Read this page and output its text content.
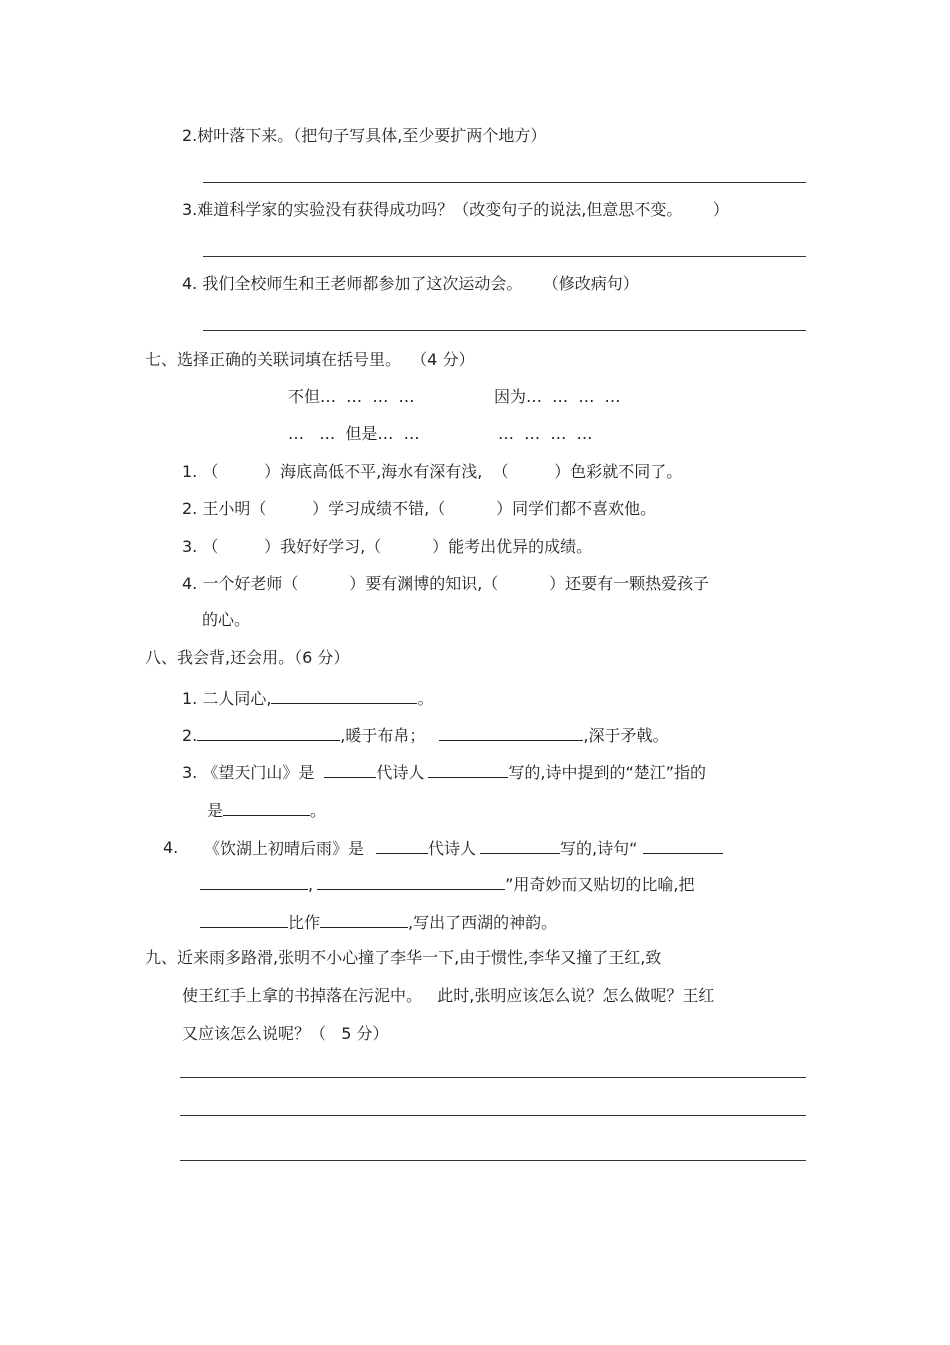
2.树叶落下来。（把句子写具体,至少要扩两个地方）
3.难道科学家的实验没有获得成功吗？（改变句子的说法,但意思不变。      ）
4. 我们全校师生和王老师都参加了这次运动会。    （修改病句）
七、选择正确的关联词填在括号里。  （4 分）
不但…  …  …  …	因为…  …  …  …
…   …  但是…  …	…  …  …  …
1. （         ）海底高低不平,海水有深有浅,  （         ）色彩就不同了。
2. 王小明（         ）学习成绩不错,（          ）同学们都不喜欢他。
3. （         ）我好好学习,（          ）能考出优异的成绩。
4. 一个好老师（          ）要有渊博的知识,（          ）还要有一颗热爱孩子
的心。
八、我会背,还会用。（6 分）
1. 二人同心,	。
2.	,暖于布帛；	,深于矛戟。
3. 《望天门山》是	代诗人	写的,诗中提到的“楚江”指的
是	。
4. 《饮湖上初晴后雨》是	代诗人	写的,诗句“
,	”用奇妙而又贴切的比喻,把
比作	,写出了西湖的神韵。
九、近来雨多路滑,张明不小心撞了李华一下,由于惯性,李华又撞了王红,致
使王红手上拿的书掉落在污泥中。   此时,张明应该怎么说？怎么做呢？王红
又应该怎么说呢？（   5 分）
